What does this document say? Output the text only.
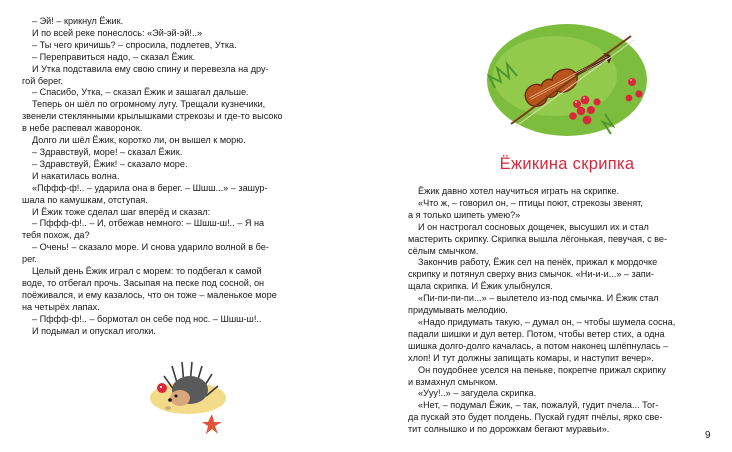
– Эй! – крикнул Ёжик.

И по всей реке понеслось: «Эй-эй-эй!..»

– Ты чего кричишь? – спросила, подлетев, Утка.

– Переправиться надо, – сказал Ёжик.

И Утка подставила ему свою спину и перевезла на дру-

гой берег.

– Спасибо, Утка, – сказал Ёжик и зашагал дальше.

Теперь он шёл по огромному лугу. Трещали кузнечики,

звенели стеклянными крылышками стрекозы и где-то высоко

в небе распевал жаворонок.

Долго ли шёл Ёжик, коротко ли, он вышел к морю.

– Здравствуй, море! – сказал Ёжик.

– Здравствуй, Ёжик! – сказало море.

И накатилась волна.

«Пффф-ф!.. – ударила она в берег. – Шшш...» – зашур-

шала по камушкам, отступая.

И Ёжик тоже сделал шаг вперёд и сказал:

– Пффф-ф!.. – И, отбежав немного: – Шшш-ш!.. – Я на

тебя похож, да?

– Очень! – сказало море. И снова ударило волной в бе-

рег.

Целый день Ёжик играл с морем: то подбегал к самой

воде, то отбегал прочь. Засыпая на песке под сосной, он

поёживался, и ему казалось, что он тоже – маленькое море

на четырёх лапах.

– Пффф-ф!.. – бормотал он себе под нос. – Шшш-ш!..

И подымал и опускал иголки.

Ёжикина скрипка

Ёжик давно хотел научиться играть на скрипке.

«Что ж, – говорил он, – птицы поют, стрекозы звенят,

а я только шипеть умею?»

И он настрогал сосновых дощечек, высушил их и стал

мастерить скрипку. Скрипка вышла лёгонькая, певучая, с ве-

сёлым смычком.

Закончив работу, Ёжик сел на пенёк, прижал к мордочке

скрипку и потянул сверху вниз смычок. «Ни-и-и...» – запи-

щала скрипка. И Ёжик улыбнулся.

«Пи-пи-пи-пи...» – вылетело из-под смычка. И Ёжик стал

придумывать мелодию.

«Надо придумать такую, – думал он, – чтобы шумела сосна,

падали шишки и дул ветер. Потом, чтобы ветер стих, а одна

шишка долго-долго качалась, а потом наконец шлёпнулась –

хлоп! И тут должны запищать комары, и наступит вечер».

Он поудобнее уселся на пеньке, покрепче прижал скрипку

и взмахнул смычком.

«Ууу!..» – загудела скрипка.

«Нет, – подумал Ёжик, – так, пожалуй, гудит пчела... Тог-

да пускай это будет полдень. Пускай гудят пчёлы, ярко све-

тит солнышко и по дорожкам бегают муравьи».

9
